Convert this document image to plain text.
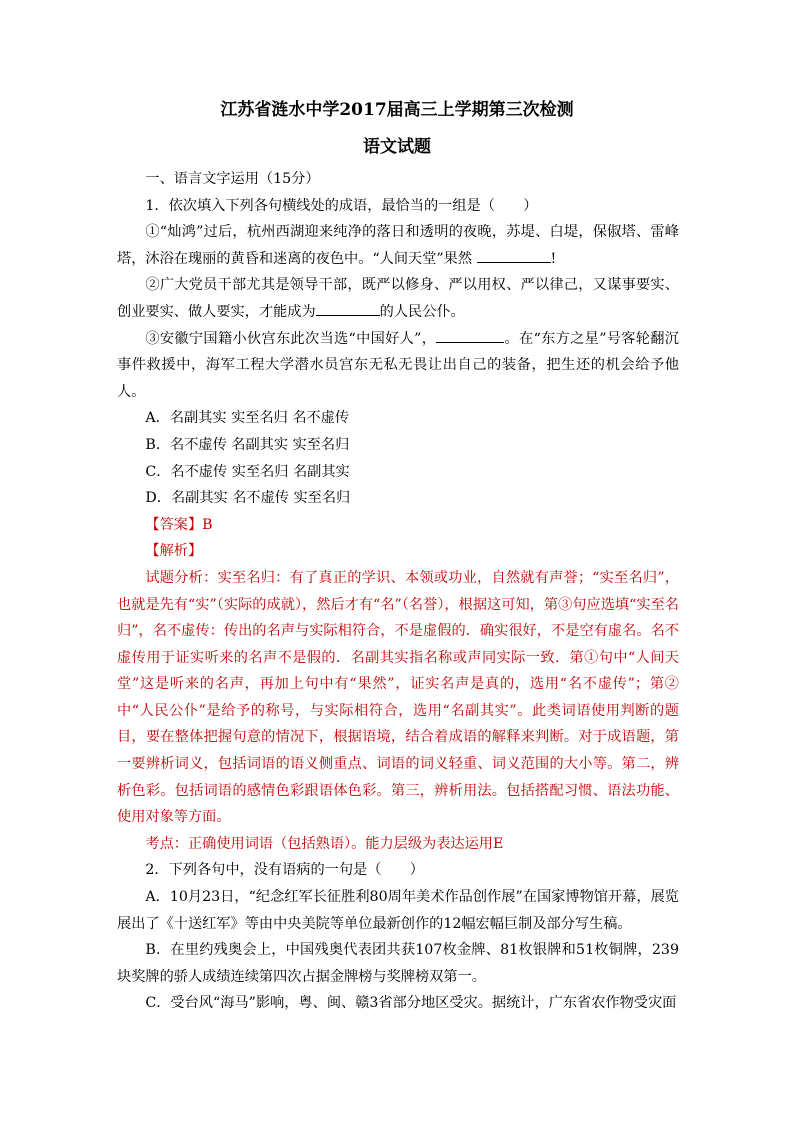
江苏省涟水中学2017届高三上学期第三次检测
语文试题

一、语言文字运用（15分）

1．依次填入下列各句横线处的成语，最恰当的一组是（　　）

①“灿鸿”过后，杭州西湖迎来纯净的落日和透明的夜晚，苏堤、白堤，保俶塔、雷峰塔，沐浴在瑰丽的黄昏和迷离的夜色中。“人间天堂”果然	!

②广大党员干部尤其是领导干部，既严以修身、严以用权、严以律己，又谋事要实、创业要实、做人要实，才能成为	的人民公仆。

③安徽宁国籍小伙宫东此次当选“中国好人”，	。在“东方之星”号客轮翻沉事件救援中，海军工程大学潜水员宫东无私无畏让出自己的装备，把生还的机会给予他人。

A．名副其实 实至名归 名不虚传

B．名不虚传 名副其实 实至名归

C．名不虚传 实至名归 名副其实

D．名副其实 名不虚传 实至名归

【答案】B

【解析】

试题分析：实至名归：有了真正的学识、本领或功业，自然就有声誉；“实至名归”，也就是先有“实”（实际的成就），然后才有“名”（名誉），根据这可知，第③句应选填“实至名归”，名不虚传：传出的名声与实际相符合，不是虚假的．确实很好，不是空有虚名。名不虚传用于证实听来的名声不是假的．名副其实指名称或声同实际一致．第①句中“人间天堂”这是听来的名声，再加上句中有“果然”，证实名声是真的，选用“名不虚传”；第②中“人民公仆”是给予的称号，与实际相符合，选用“名副其实”。此类词语使用判断的题目，要在整体把握句意的情况下，根据语境，结合着成语的解释来判断。对于成语题，第一要辨析词义，包括词语的语义侧重点、词语的词义轻重、词义范围的大小等。第二，辨析色彩。包括词语的感情色彩跟语体色彩。第三，辨析用法。包括搭配习惯、语法功能、使用对象等方面。

考点：正确使用词语（包括熟语）。能力层级为表达运用E

2．下列各句中，没有语病的一句是（　　）

A．10月23日，“纪念红军长征胜利80周年美术作品创作展”在国家博物馆开幕，展览展出了《十送红军》等由中央美院等单位最新创作的12幅宏幅巨制及部分写生稿。

B．在里约残奥会上，中国残奥代表团共获107枚金牌、81枚银牌和51枚铜牌，239块奖牌的骄人成绩连续第四次占据金牌榜与奖牌榜双第一。

C．受台风“海马”影响，粤、闽、赣3省部分地区受灾。据统计，广东省农作物受灾面
